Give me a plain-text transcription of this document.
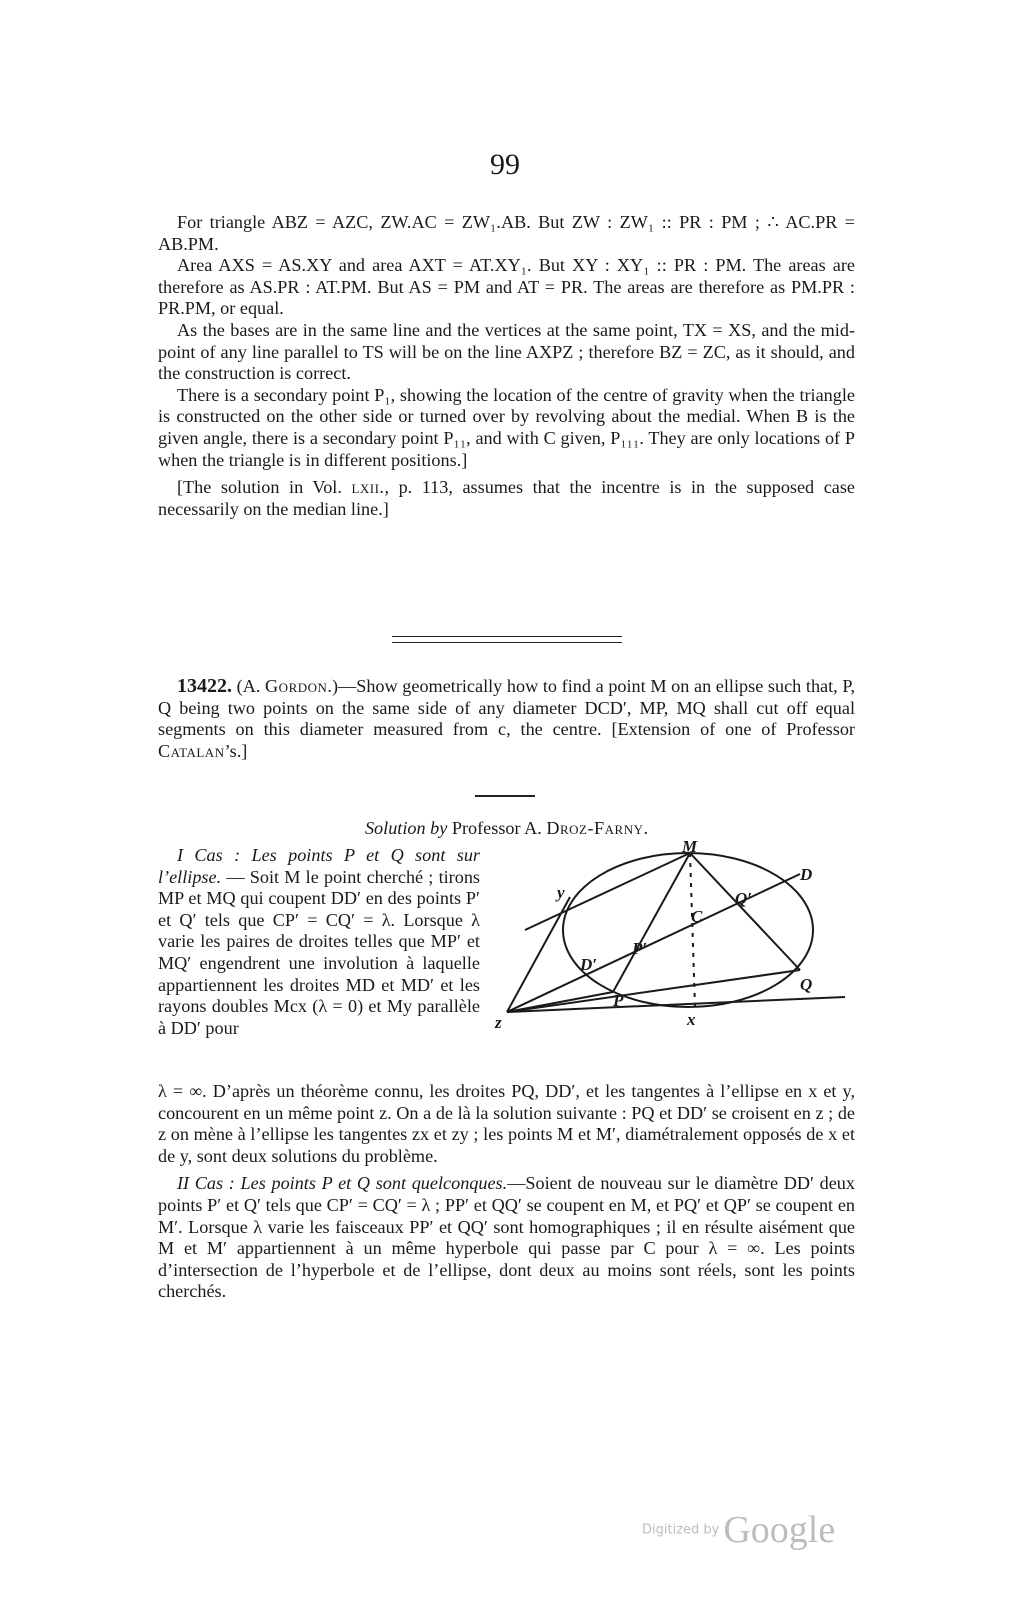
99

For triangle ABZ = AZC, ZW.AC = ZW₁.AB. But ZW : ZW₁ :: PR : PM ; ∴ AC.PR = AB.PM.

Area AXS = AS.XY and area AXT = AT.XY₁. But XY : XY₁ :: PR : PM. The areas are therefore as AS.PR : AT.PM. But AS = PM and AT = PR. The areas are therefore as PM.PR : PR.PM, or equal.

As the bases are in the same line and the vertices at the same point, TX = XS, and the mid-point of any line parallel to TS will be on the line AXPZ ; therefore BZ = ZC, as it should, and the construction is correct.

There is a secondary point P₁, showing the location of the centre of gravity when the triangle is constructed on the other side or turned over by revolving about the medial. When B is the given angle, there is a secondary point P₁₁, and with C given, P₁₁₁. They are only locations of P when the triangle is in different positions.]

[The solution in Vol. lxii., p. 113, assumes that the incentre is in the supposed case necessarily on the median line.]

13422. (A. Gordon.)—Show geometrically how to find a point M on an ellipse such that, P, Q being two points on the same side of any diameter DCD′, MP, MQ shall cut off equal segments on this diameter measured from c, the centre. [Extension of one of Professor Catalan’s.]

Solution by Professor A. Droz-Farny.

I Cas : Les points P et Q sont sur l’ellipse. — Soit M le point cherché ; tirons MP et MQ qui coupent DD′ en des points P′ et Q′ tels que CP′ = CQ′ = λ. Lorsque λ varie les paires de droites telles que MP′ et MQ′ engendrent une involution à laquelle appartiennent les droites MD et MD′ et les rayons doubles Mcx (λ = 0) et My parallèle à DD′ pour

M
D
y	Q′
C
P′
D′
Q
P
z	x

λ = ∞. D’après un théorème connu, les droites PQ, DD′, et les tangentes à l’ellipse en x et y, concourent en un même point z. On a de là la solution suivante : PQ et DD′ se croisent en z ; de z on mène à l’ellipse les tangentes zx et zy ; les points M et M′, diamétralement opposés de x et de y, sont deux solutions du problème.

II Cas : Les points P et Q sont quelconques.—Soient de nouveau sur le diamètre DD′ deux points P′ et Q′ tels que CP′ = CQ′ = λ ; PP′ et QQ′ se coupent en M, et PQ′ et QP′ se coupent en M′. Lorsque λ varie les faisceaux PP′ et QQ′ sont homographiques ; il en résulte aisément que M et M′ appartiennent à un même hyperbole qui passe par C pour λ = ∞. Les points d’intersection de l’hyperbole et de l’ellipse, dont deux au moins sont réels, sont les points cherchés.

Digitized by Google
